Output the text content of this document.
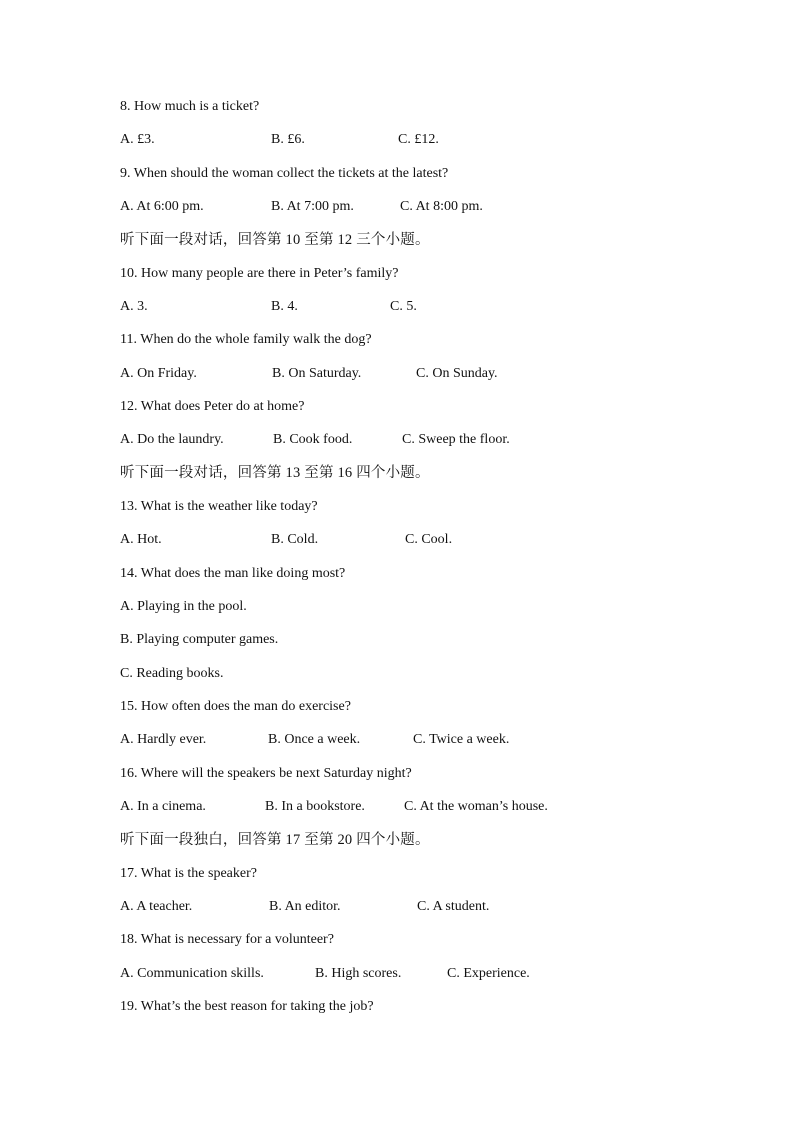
8. How much is a ticket?
A. £3.	B. £6.	C. £12.
9. When should the woman collect the tickets at the latest?
A. At 6:00 pm.	B. At 7:00 pm.	C. At 8:00 pm.
听下面一段对话，回答第 10 至第 12 三个小题。
10. How many people are there in Peter’s family?
A. 3.	B. 4.	C. 5.
11. When do the whole family walk the dog?
A. On Friday.	B. On Saturday.	C. On Sunday.
12. What does Peter do at home?
A. Do the laundry.	B. Cook food.	C. Sweep the floor.
听下面一段对话，回答第 13 至第 16 四个小题。
13. What is the weather like today?
A. Hot.	B. Cold.	C. Cool.
14. What does the man like doing most?
A. Playing in the pool.
B. Playing computer games.
C. Reading books.
15. How often does the man do exercise?
A. Hardly ever.	B. Once a week.	C. Twice a week.
16. Where will the speakers be next Saturday night?
A. In a cinema.	B. In a bookstore.	C. At the woman’s house.
听下面一段独白，回答第 17 至第 20 四个小题。
17. What is the speaker?
A. A teacher.	B. An editor.	C. A student.
18. What is necessary for a volunteer?
A. Communication skills.	B. High scores.	C. Experience.
19. What’s the best reason for taking the job?
